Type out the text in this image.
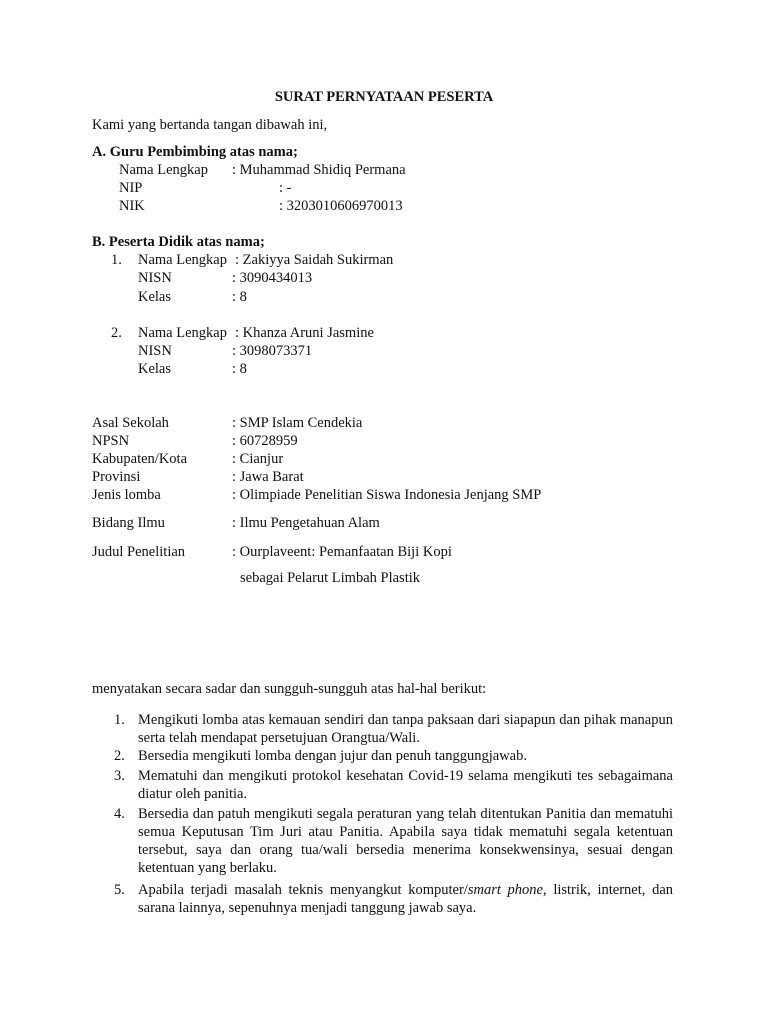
SURAT PERNYATAAN PESERTA
Kami yang bertanda tangan dibawah ini,
A. Guru Pembimbing atas nama;
Nama Lengkap : Muhammad Shidiq Permana
NIP	: -
NIK	: 3203010606970013
B. Peserta Didik atas nama;
1. Nama Lengkap : Zakiyya Saidah Sukirman
NISN	: 3090434013
Kelas	: 8
2. Nama Lengkap : Khanza Aruni Jasmine
NISN	: 3098073371
Kelas	: 8
Asal Sekolah	: SMP Islam Cendekia
NPSN	: 60728959
Kabupaten/Kota	: Cianjur
Provinsi	: Jawa Barat
Jenis lomba	: Olimpiade Penelitian Siswa Indonesia Jenjang SMP
Bidang Ilmu	: Ilmu Pengetahuan Alam
Judul Penelitian	: Ourplaveent: Pemanfaatan Biji Kopi
sebagai Pelarut Limbah Plastik
menyatakan secara sadar dan sungguh-sungguh atas hal-hal berikut:
1. Mengikuti lomba atas kemauan sendiri dan tanpa paksaan dari siapapun dan pihak manapun serta telah mendapat persetujuan Orangtua/Wali.
2. Bersedia mengikuti lomba dengan jujur dan penuh tanggungjawab.
3. Mematuhi dan mengikuti protokol kesehatan Covid-19 selama mengikuti tes sebagaimana diatur oleh panitia.
4. Bersedia dan patuh mengikuti segala peraturan yang telah ditentukan Panitia dan mematuhi semua Keputusan Tim Juri atau Panitia. Apabila saya tidak mematuhi segala ketentuan tersebut, saya dan orang tua/wali bersedia menerima konsekwensinya, sesuai dengan ketentuan yang berlaku.
5. Apabila terjadi masalah teknis menyangkut komputer/smart phone, listrik, internet, dan sarana lainnya, sepenuhnya menjadi tanggung jawab saya.
